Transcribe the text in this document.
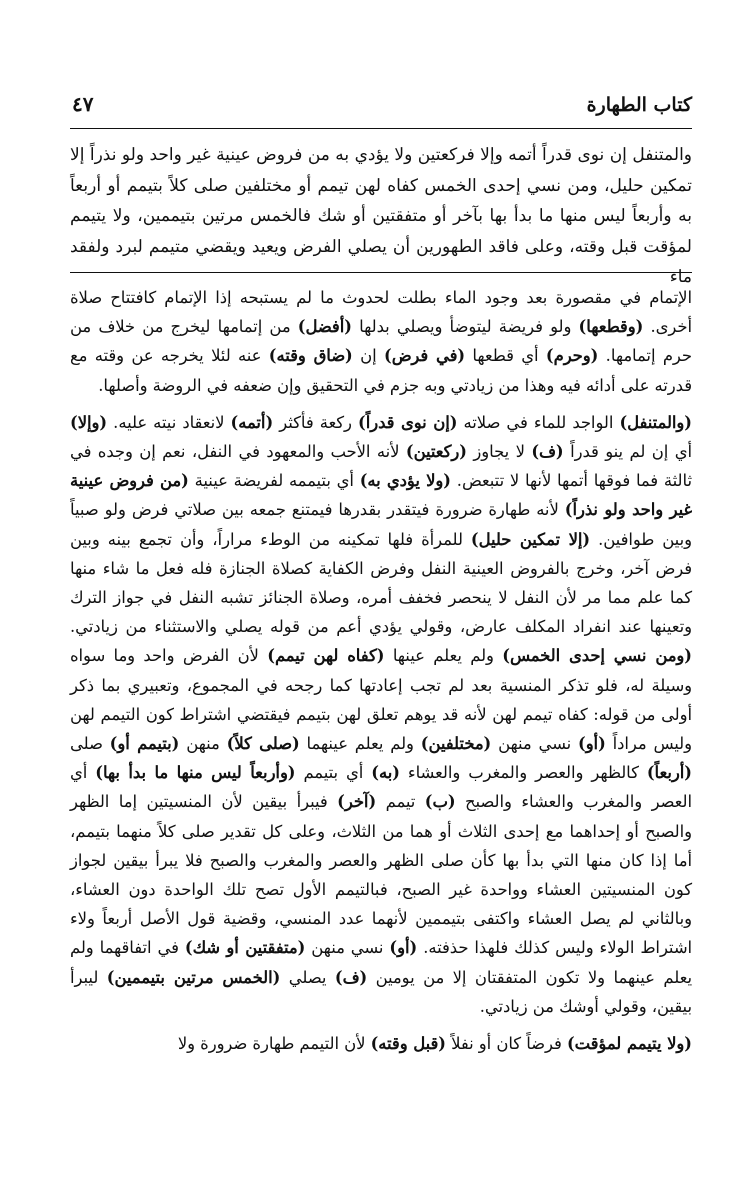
كتاب الطهارة
٤٧

والمتنفل إن نوى قدراً أتمه وإلا فركعتين ولا يؤدي به من فروض عينية غير واحد ولو نذراً إلا تمكين حليل، ومن نسي إحدى الخمس كفاه لهن تيمم أو مختلفين صلى كلاً بتيمم أو أربعاً به وأربعاً ليس منها ما بدأ بها بآخر أو متفقتين أو شك فالخمس مرتين بتيممين، ولا يتيمم لمؤقت قبل وقته، وعلى فاقد الطهورين أن يصلي الفرض ويعيد ويقضي متيمم لبرد ولفقد ماء

الإتمام في مقصورة بعد وجود الماء بطلت لحدوث ما لم يستبحه إذا الإتمام كافتتاح صلاة أخرى. (وقطعها) ولو فريضة ليتوضأ ويصلي بدلها (أفضل) من إتمامها ليخرج من خلاف من حرم إتمامها. (وحرم) أي قطعها (في فرض) إن (ضاق وقته) عنه لئلا يخرجه عن وقته مع قدرته على أدائه فيه وهذا من زيادتي وبه جزم في التحقيق وإن ضعفه في الروضة وأصلها.

(والمتنفل) الواجد للماء في صلاته (إن نوى قدراً) ركعة فأكثر (أتمه) لانعقاد نيته عليه. (وإلا) أي إن لم ينو قدراً (ف) لا يجاوز (ركعتين) لأنه الأحب والمعهود في النفل، نعم إن وجده في ثالثة فما فوقها أتمها لأنها لا تتبعض. (ولا يؤدي به) أي بتيممه لفريضة عينية (من فروض عينية غير واحد ولو نذراً) لأنه طهارة ضرورة فيتقدر بقدرها فيمتنع جمعه بين صلاتي فرض ولو صبياً وبين طوافين. (إلا تمكين حليل) للمرأة فلها تمكينه من الوطء مراراً، وأن تجمع بينه وبين فرض آخر، وخرج بالفروض العينية النفل وفرض الكفاية كصلاة الجنازة فله فعل ما شاء منها كما علم مما مر لأن النفل لا ينحصر فخفف أمره، وصلاة الجنائز تشبه النفل في جواز الترك وتعينها عند انفراد المكلف عارض، وقولي يؤدي أعم من قوله يصلي والاستثناء من زيادتي. (ومن نسي إحدى الخمس) ولم يعلم عينها (كفاه لهن تيمم) لأن الفرض واحد وما سواه وسيلة له، فلو تذكر المنسية بعد لم تجب إعادتها كما رجحه في المجموع، وتعبيري بما ذكر أولى من قوله: كفاه تيمم لهن لأنه قد يوهم تعلق لهن بتيمم فيقتضي اشتراط كون التيمم لهن وليس مراداً (أو) نسي منهن (مختلفين) ولم يعلم عينهما (صلى كلاً) منهن (بتيمم أو) صلى (أربعاً) كالظهر والعصر والمغرب والعشاء (به) أي بتيمم (وأربعاً ليس منها ما بدأ بها) أي العصر والمغرب والعشاء والصبح (ب) تيمم (آخر) فيبرأ بيقين لأن المنسيتين إما الظهر والصبح أو إحداهما مع إحدى الثلاث أو هما من الثلاث، وعلى كل تقدير صلى كلاً منهما بتيمم، أما إذا كان منها التي بدأ بها كأن صلى الظهر والعصر والمغرب والصبح فلا يبرأ بيقين لجواز كون المنسيتين العشاء وواحدة غير الصبح، فبالتيمم الأول تصح تلك الواحدة دون العشاء، وبالثاني لم يصل العشاء واكتفى بتيممين لأنهما عدد المنسي، وقضية قول الأصل أربعاً ولاء اشتراط الولاء وليس كذلك فلهذا حذفته. (أو) نسي منهن (متفقتين أو شك) في اتفاقهما ولم يعلم عينهما ولا تكون المتفقتان إلا من يومين (ف) يصلي (الخمس مرتين بتيممين) ليبرأ بيقين، وقولي أوشك من زيادتي.

(ولا يتيمم لمؤقت) فرضاً كان أو نفلاً (قبل وقته) لأن التيمم طهارة ضرورة ولا
